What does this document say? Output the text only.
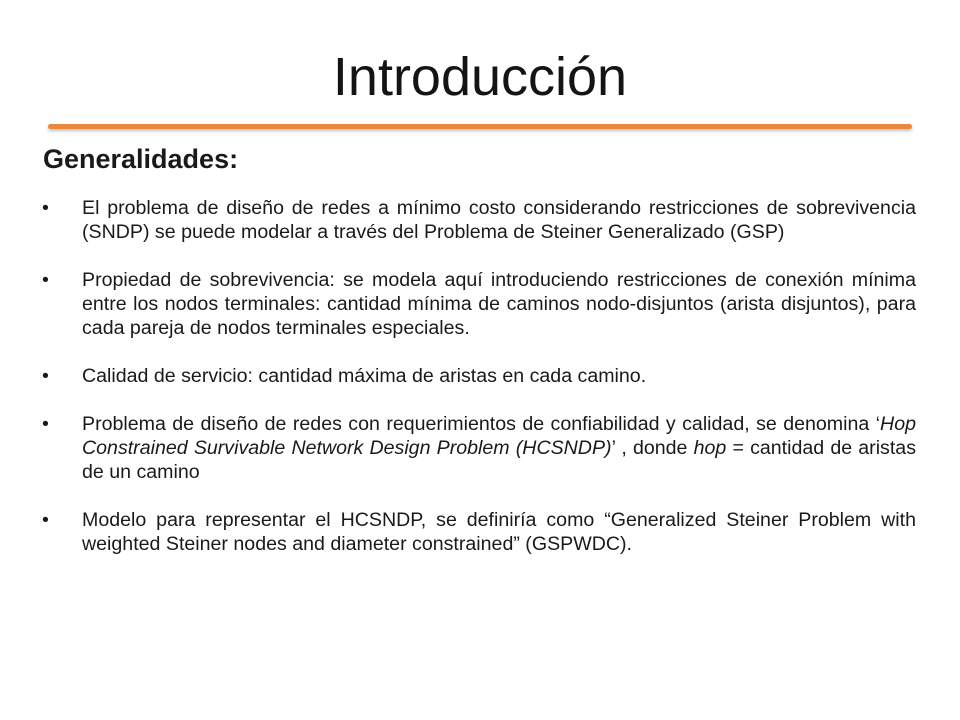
Introducción
Generalidades:
•	El problema de diseño de redes a mínimo costo considerando restricciones de sobrevivencia (SNDP) se puede modelar a través del Problema de Steiner Generalizado (GSP)
•	Propiedad de sobrevivencia: se modela aquí introduciendo restricciones de conexión mínima entre los nodos terminales: cantidad mínima de caminos nodo-disjuntos (arista disjuntos), para cada pareja de nodos terminales especiales.
•	Calidad de servicio: cantidad máxima de aristas en cada camino.
•	Problema de diseño de redes con requerimientos de confiabilidad y calidad, se denomina ‘Hop Constrained Survivable Network Design Problem (HCSNDP)’ , donde hop = cantidad de aristas de un camino
•	Modelo para representar el HCSNDP, se definiría como “Generalized Steiner Problem with weighted Steiner nodes and diameter constrained” (GSPWDC).
